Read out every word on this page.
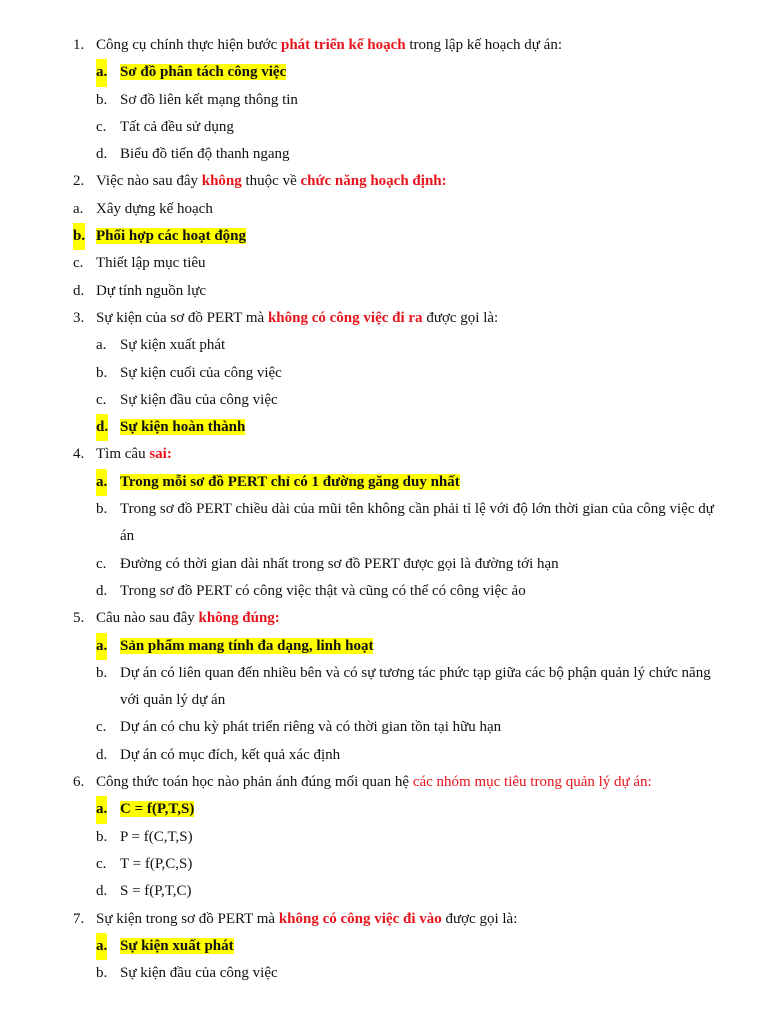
1. Công cụ chính thực hiện bước phát triển kế hoạch trong lập kế hoạch dự án:
a. Sơ đồ phân tách công việc
b. Sơ đồ liên kết mạng thông tin
c. Tất cả đều sử dụng
d. Biểu đồ tiến độ thanh ngang
2. Việc nào sau đây không thuộc về chức năng hoạch định:
a. Xây dựng kế hoạch
b. Phối hợp các hoạt động
c. Thiết lập mục tiêu
d. Dự tính nguồn lực
3. Sự kiện của sơ đồ PERT mà không có công việc đi ra được gọi là:
a. Sự kiện xuất phát
b. Sự kiện cuối của công việc
c. Sự kiện đầu của công việc
d. Sự kiện hoàn thành
4. Tìm câu sai:
a. Trong mỗi sơ đồ PERT chỉ có 1 đường găng duy nhất
b. Trong sơ đồ PERT chiều dài của mũi tên không cần phải tỉ lệ với độ lớn thời gian của công việc dự án
c. Đường có thời gian dài nhất trong sơ đồ PERT được gọi là đường tới hạn
d. Trong sơ đồ PERT có công việc thật và cũng có thể có công việc ảo
5. Câu nào sau đây không đúng:
a. Sản phẩm mang tính đa dạng, linh hoạt
b. Dự án có liên quan đến nhiều bên và có sự tương tác phức tạp giữa các bộ phận quản lý chức năng với quản lý dự án
c. Dự án có chu kỳ phát triển riêng và có thời gian tồn tại hữu hạn
d. Dự án có mục đích, kết quả xác định
6. Công thức toán học nào phản ánh đúng mối quan hệ các nhóm mục tiêu trong quản lý dự án:
a. C = f(P,T,S)
b. P = f(C,T,S)
c. T = f(P,C,S)
d. S = f(P,T,C)
7. Sự kiện trong sơ đồ PERT mà không có công việc đi vào được gọi là:
a. Sự kiện xuất phát
b. Sự kiện đầu của công việc
